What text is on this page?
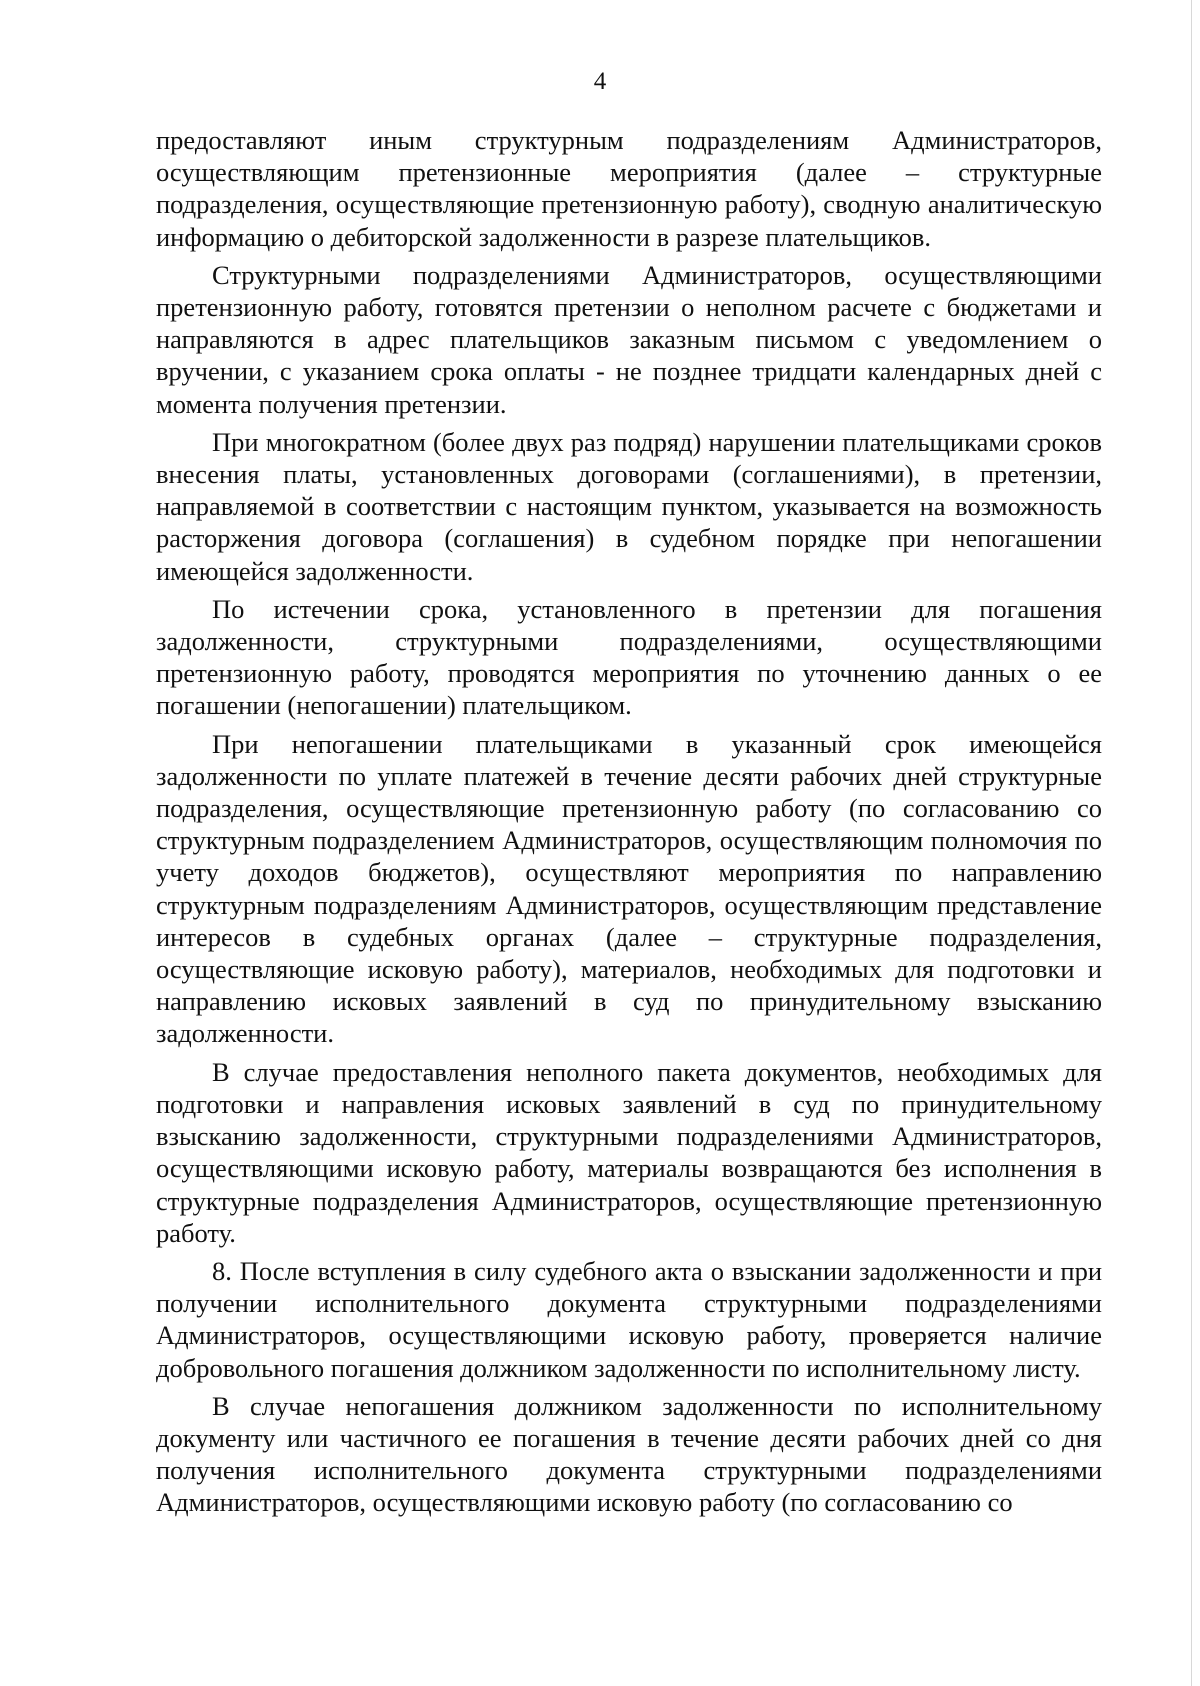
4

предоставляют иным структурным подразделениям Администраторов, осуществляющим претензионные мероприятия (далее – структурные подразделения, осуществляющие претензионную работу), сводную аналитическую информацию о дебиторской задолженности в разрезе плательщиков.

Структурными подразделениями Администраторов, осуществляющими претензионную работу, готовятся претензии о неполном расчете с бюджетами и направляются в адрес плательщиков заказным письмом с уведомлением о вручении, с указанием срока оплаты - не позднее тридцати календарных дней с момента получения претензии.

При многократном (более двух раз подряд) нарушении плательщиками сроков внесения платы, установленных договорами (соглашениями), в претензии, направляемой в соответствии с настоящим пунктом, указывается на возможность расторжения договора (соглашения) в судебном порядке при непогашении имеющейся задолженности.

По истечении срока, установленного в претензии для погашения задолженности, структурными подразделениями, осуществляющими претензионную работу, проводятся мероприятия по уточнению данных о ее погашении (непогашении) плательщиком.

При непогашении плательщиками в указанный срок имеющейся задолженности по уплате платежей в течение десяти рабочих дней структурные подразделения, осуществляющие претензионную работу (по согласованию со структурным подразделением Администраторов, осуществляющим полномочия по учету доходов бюджетов), осуществляют мероприятия по направлению структурным подразделениям Администраторов, осуществляющим представление интересов в судебных органах (далее – структурные подразделения, осуществляющие исковую работу), материалов, необходимых для подготовки и направлению исковых заявлений в суд по принудительному взысканию задолженности.

В случае предоставления неполного пакета документов, необходимых для подготовки и направления исковых заявлений в суд по принудительному взысканию задолженности, структурными подразделениями Администраторов, осуществляющими исковую работу, материалы возвращаются без исполнения в структурные подразделения Администраторов, осуществляющие претензионную работу.

8. После вступления в силу судебного акта о взыскании задолженности и при получении исполнительного документа структурными подразделениями Администраторов, осуществляющими исковую работу, проверяется наличие добровольного погашения должником задолженности по исполнительному листу.

В случае непогашения должником задолженности по исполнительному документу или частичного ее погашения в течение десяти рабочих дней со дня получения исполнительного документа структурными подразделениями Администраторов, осуществляющими исковую работу (по согласованию со
